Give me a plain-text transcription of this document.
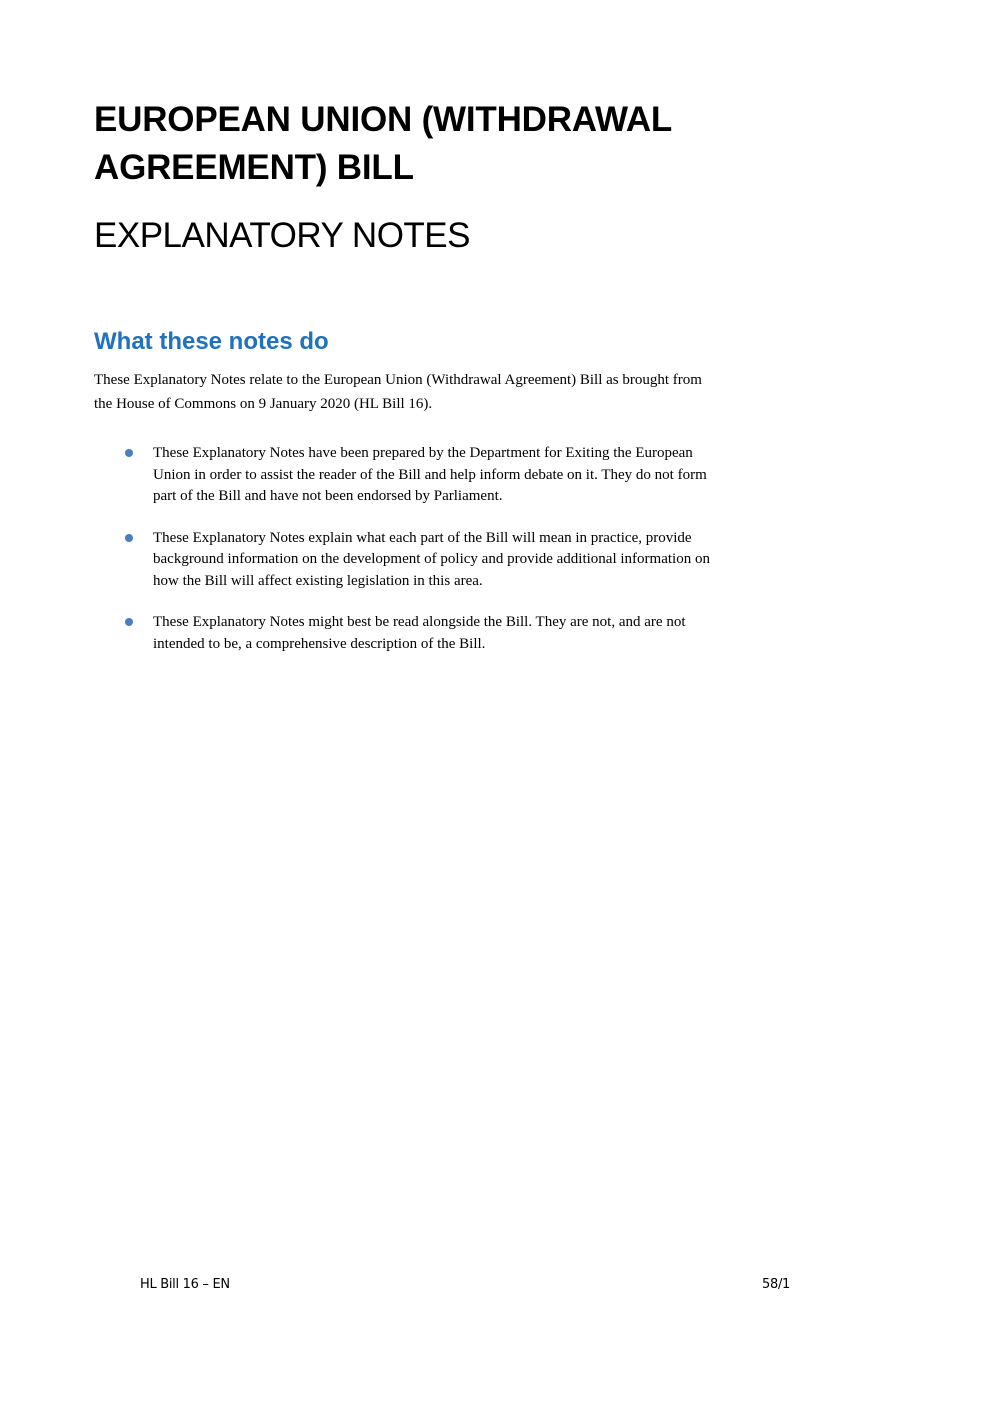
EUROPEAN UNION (WITHDRAWAL
AGREEMENT) BILL
EXPLANATORY NOTES
What these notes do

These Explanatory Notes relate to the European Union (Withdrawal Agreement) Bill as brought from
the House of Commons on 9 January 2020 (HL Bill 16).

These Explanatory Notes have been prepared by the Department for Exiting the European
Union in order to assist the reader of the Bill and help inform debate on it. They do not form
part of the Bill and have not been endorsed by Parliament.
These Explanatory Notes explain what each part of the Bill will mean in practice, provide
background information on the development of policy and provide additional information on
how the Bill will affect existing legislation in this area.
These Explanatory Notes might best be read alongside the Bill. They are not, and are not
intended to be, a comprehensive description of the Bill.
HL Bill 16 – EN	58/1
